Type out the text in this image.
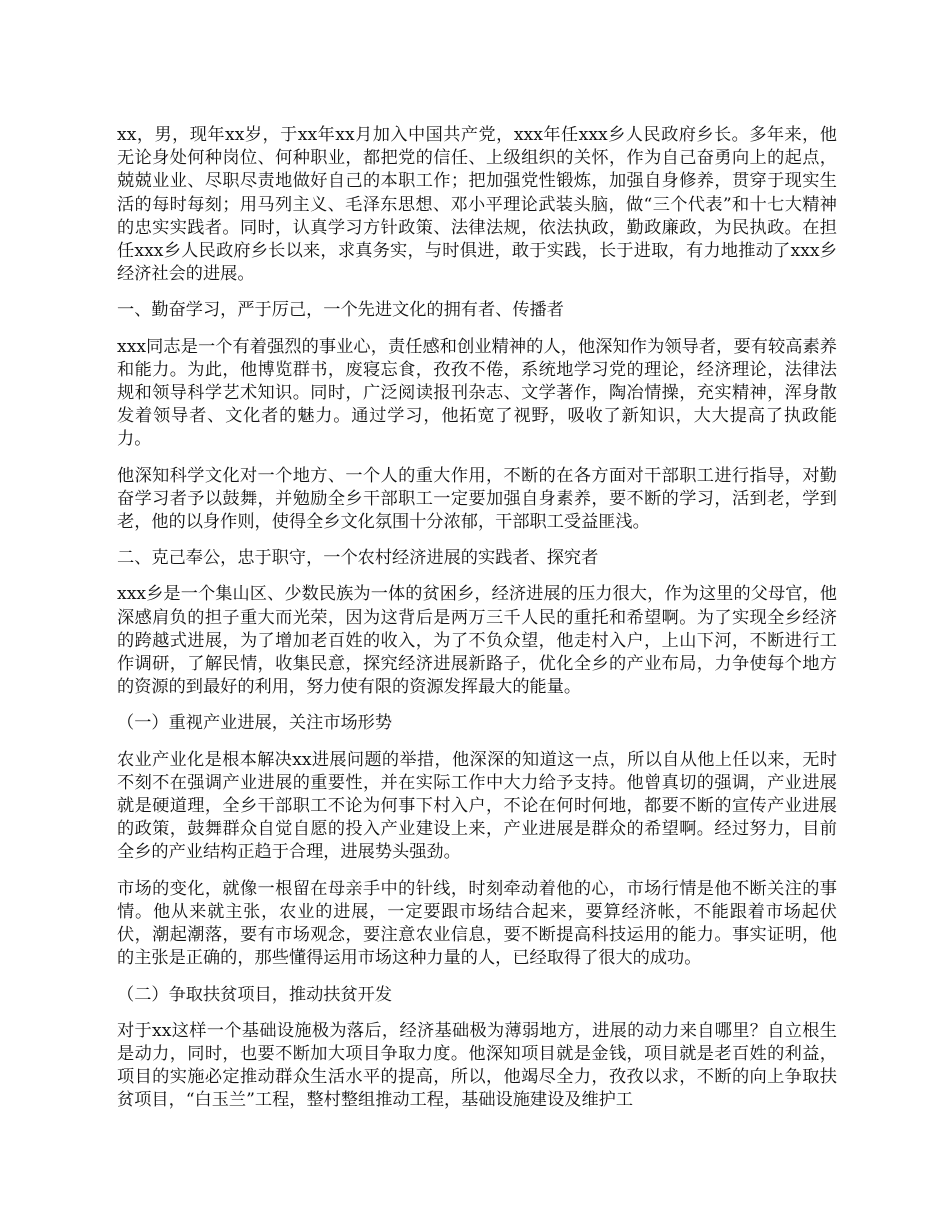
xx，男，现年xx岁，于xx年xx月加入中国共产党，xxx年任xxx乡人民政府乡长。多年来，他无论身处何种岗位、何种职业，都把党的信任、上级组织的关怀，作为自己奋勇向上的起点，兢兢业业、尽职尽责地做好自己的本职工作；把加强党性锻炼，加强自身修养，贯穿于现实生活的每时每刻；用马列主义、毛泽东思想、邓小平理论武装头脑，做“三个代表”和十七大精神的忠实实践者。同时，认真学习方针政策、法律法规，依法执政，勤政廉政，为民执政。在担任xxx乡人民政府乡长以来，求真务实，与时俱进，敢于实践，长于进取，有力地推动了xxx乡经济社会的进展。

一、勤奋学习，严于厉己，一个先进文化的拥有者、传播者

xxx同志是一个有着强烈的事业心，责任感和创业精神的人，他深知作为领导者，要有较高素养和能力。为此，他博览群书，废寝忘食，孜孜不倦，系统地学习党的理论，经济理论，法律法规和领导科学艺术知识。同时，广泛阅读报刊杂志、文学著作，陶冶情操，充实精神，浑身散发着领导者、文化者的魅力。通过学习，他拓宽了视野，吸收了新知识，大大提高了执政能力。

他深知科学文化对一个地方、一个人的重大作用，不断的在各方面对干部职工进行指导，对勤奋学习者予以鼓舞，并勉励全乡干部职工一定要加强自身素养，要不断的学习，活到老，学到老，他的以身作则，使得全乡文化氛围十分浓郁，干部职工受益匪浅。

二、克己奉公，忠于职守，一个农村经济进展的实践者、探究者

xxx乡是一个集山区、少数民族为一体的贫困乡，经济进展的压力很大，作为这里的父母官，他深感肩负的担子重大而光荣，因为这背后是两万三千人民的重托和希望啊。为了实现全乡经济的跨越式进展，为了增加老百姓的收入，为了不负众望，他走村入户，上山下河，不断进行工作调研，了解民情，收集民意，探究经济进展新路子，优化全乡的产业布局，力争使每个地方的资源的到最好的利用，努力使有限的资源发挥最大的能量。

（一）重视产业进展，关注市场形势

农业产业化是根本解决xx进展问题的举措，他深深的知道这一点，所以自从他上任以来，无时不刻不在强调产业进展的重要性，并在实际工作中大力给予支持。他曾真切的强调，产业进展就是硬道理，全乡干部职工不论为何事下村入户，不论在何时何地，都要不断的宣传产业进展的政策，鼓舞群众自觉自愿的投入产业建设上来，产业进展是群众的希望啊。经过努力，目前全乡的产业结构正趋于合理，进展势头强劲。

市场的变化，就像一根留在母亲手中的针线，时刻牵动着他的心，市场行情是他不断关注的事情。他从来就主张，农业的进展，一定要跟市场结合起来，要算经济帐，不能跟着市场起伏伏，潮起潮落，要有市场观念，要注意农业信息，要不断提高科技运用的能力。事实证明，他的主张是正确的，那些懂得运用市场这种力量的人，已经取得了很大的成功。

（二）争取扶贫项目，推动扶贫开发

对于xx这样一个基础设施极为落后，经济基础极为薄弱地方，进展的动力来自哪里？自立根生是动力，同时，也要不断加大项目争取力度。他深知项目就是金钱，项目就是老百姓的利益，项目的实施必定推动群众生活水平的提高，所以，他竭尽全力，孜孜以求，不断的向上争取扶贫项目，“白玉兰”工程，整村整组推动工程，基础设施建设及维护工
